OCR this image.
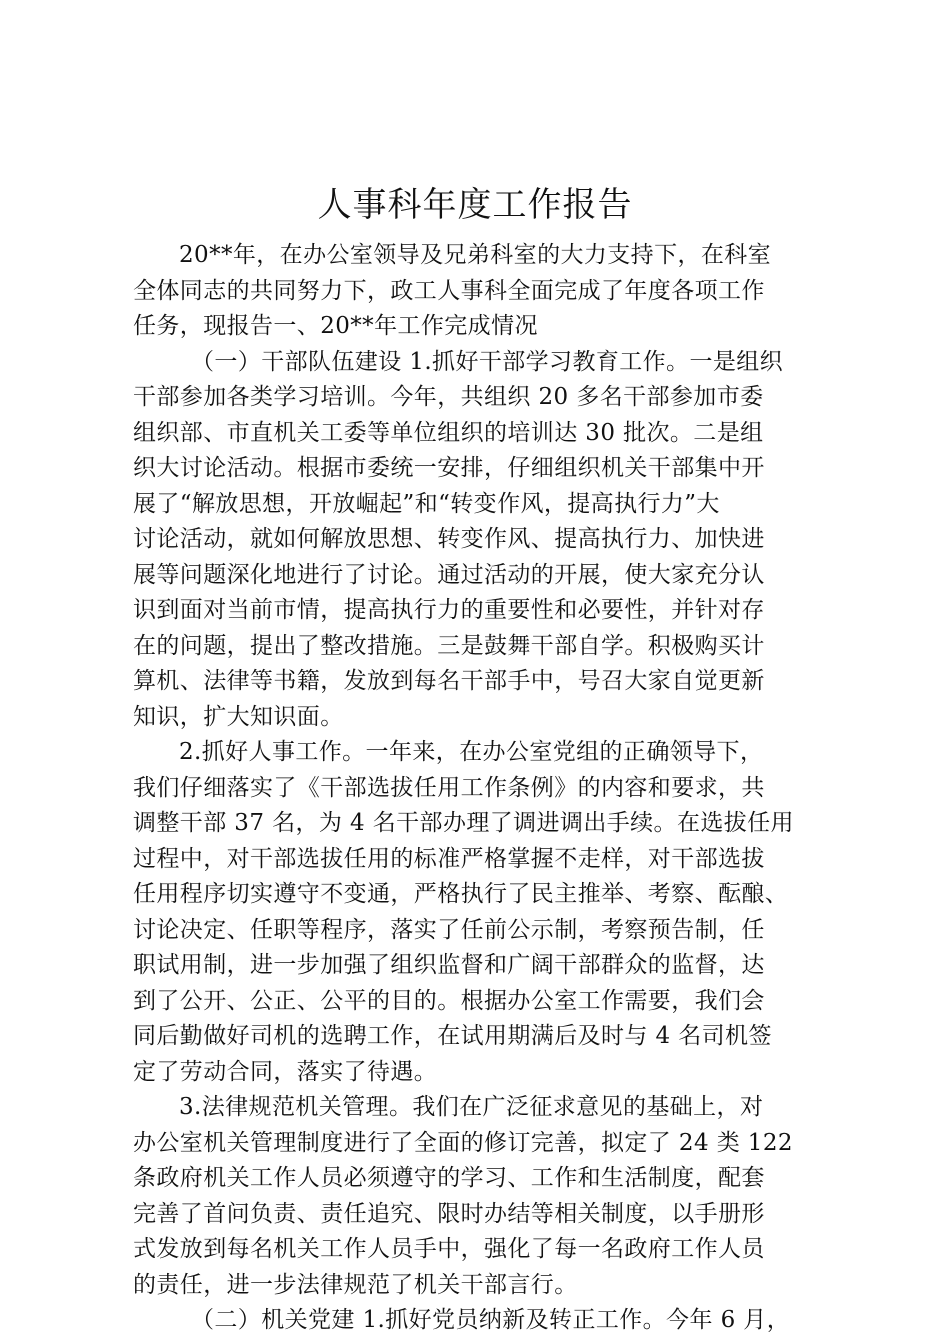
人事科年度工作报告
20**年，在办公室领导及兄弟科室的大力支持下，在科室
全体同志的共同努力下，政工人事科全面完成了年度各项工作
任务，现报告一、20**年工作完成情况
（一）干部队伍建设 1.抓好干部学习教育工作。一是组织
干部参加各类学习培训。今年，共组织 20 多名干部参加市委
组织部、市直机关工委等单位组织的培训达 30 批次。二是组
织大讨论活动。根据市委统一安排，仔细组织机关干部集中开
展了“解放思想，开放崛起”和“转变作风，提高执行力”大
讨论活动，就如何解放思想、转变作风、提高执行力、加快进
展等问题深化地进行了讨论。通过活动的开展，使大家充分认
识到面对当前市情，提高执行力的重要性和必要性，并针对存
在的问题，提出了整改措施。三是鼓舞干部自学。积极购买计
算机、法律等书籍，发放到每名干部手中，号召大家自觉更新
知识，扩大知识面。
2.抓好人事工作。一年来，在办公室党组的正确领导下，
我们仔细落实了《干部选拔任用工作条例》的内容和要求，共
调整干部 37 名，为 4 名干部办理了调进调出手续。在选拔任用
过程中，对干部选拔任用的标准严格掌握不走样，对干部选拔
任用程序切实遵守不变通，严格执行了民主推举、考察、酝酿、
讨论决定、任职等程序，落实了任前公示制，考察预告制，任
职试用制，进一步加强了组织监督和广阔干部群众的监督，达
到了公开、公正、公平的目的。根据办公室工作需要，我们会
同后勤做好司机的选聘工作，在试用期满后及时与 4 名司机签
定了劳动合同，落实了待遇。
3.法律规范机关管理。我们在广泛征求意见的基础上，对
办公室机关管理制度进行了全面的修订完善，拟定了 24 类 122
条政府机关工作人员必须遵守的学习、工作和生活制度，配套
完善了首问负责、责任追究、限时办结等相关制度，以手册形
式发放到每名机关工作人员手中，强化了每一名政府工作人员
的责任，进一步法律规范了机关干部言行。
（二）机关党建 1.抓好党员纳新及转正工作。今年 6 月，
